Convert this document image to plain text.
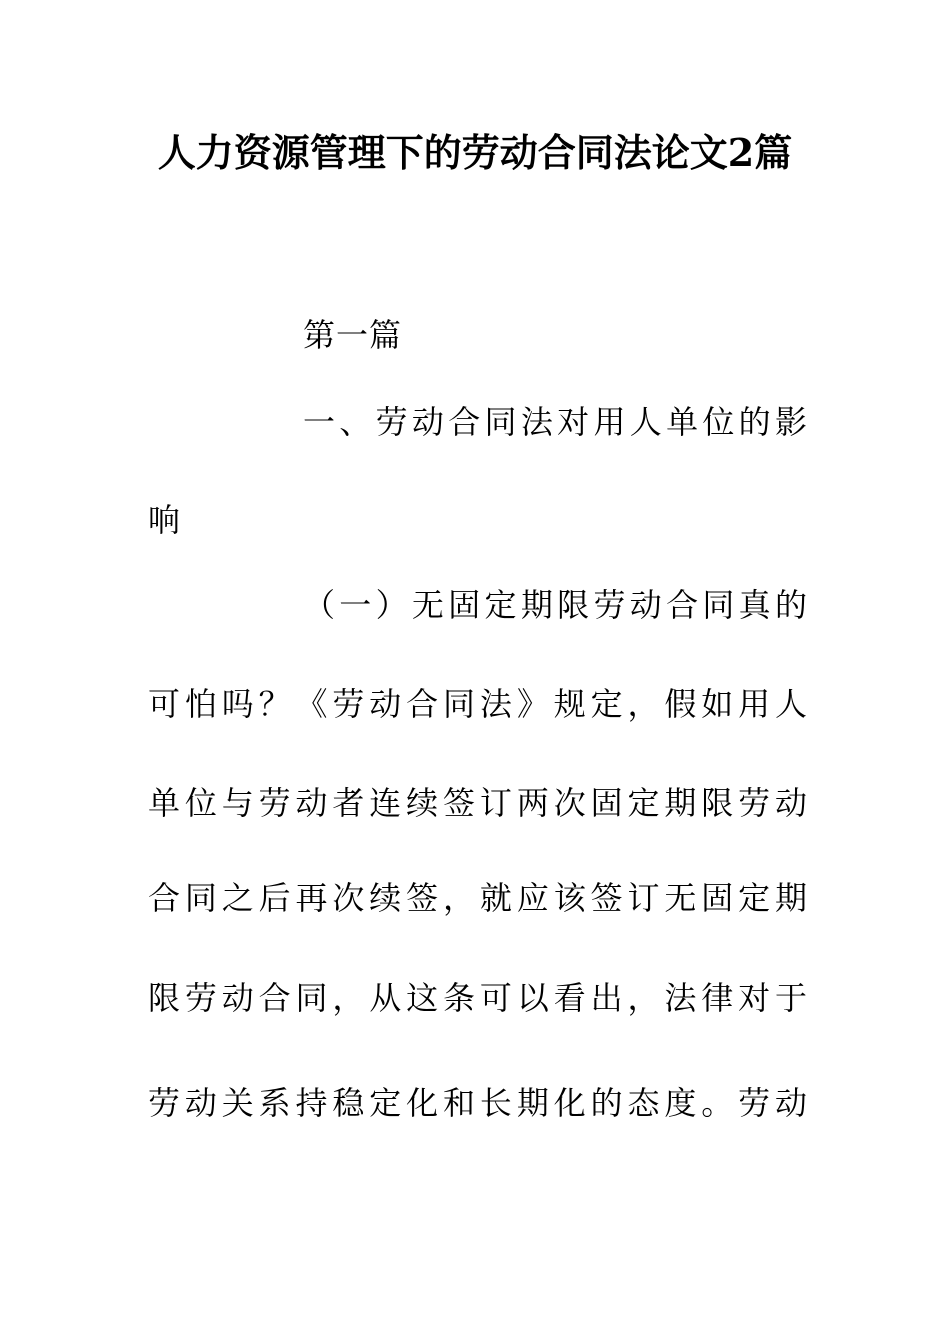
人力资源管理下的劳动合同法论文2篇
第一篇
一、劳动合同法对用人单位的影
响
（一）无固定期限劳动合同真的
可怕吗？《劳动合同法》规定，假如用人
单位与劳动者连续签订两次固定期限劳动
合同之后再次续签，就应该签订无固定期
限劳动合同，从这条可以看出，法律对于
劳动关系持稳定化和长期化的态度。劳动
